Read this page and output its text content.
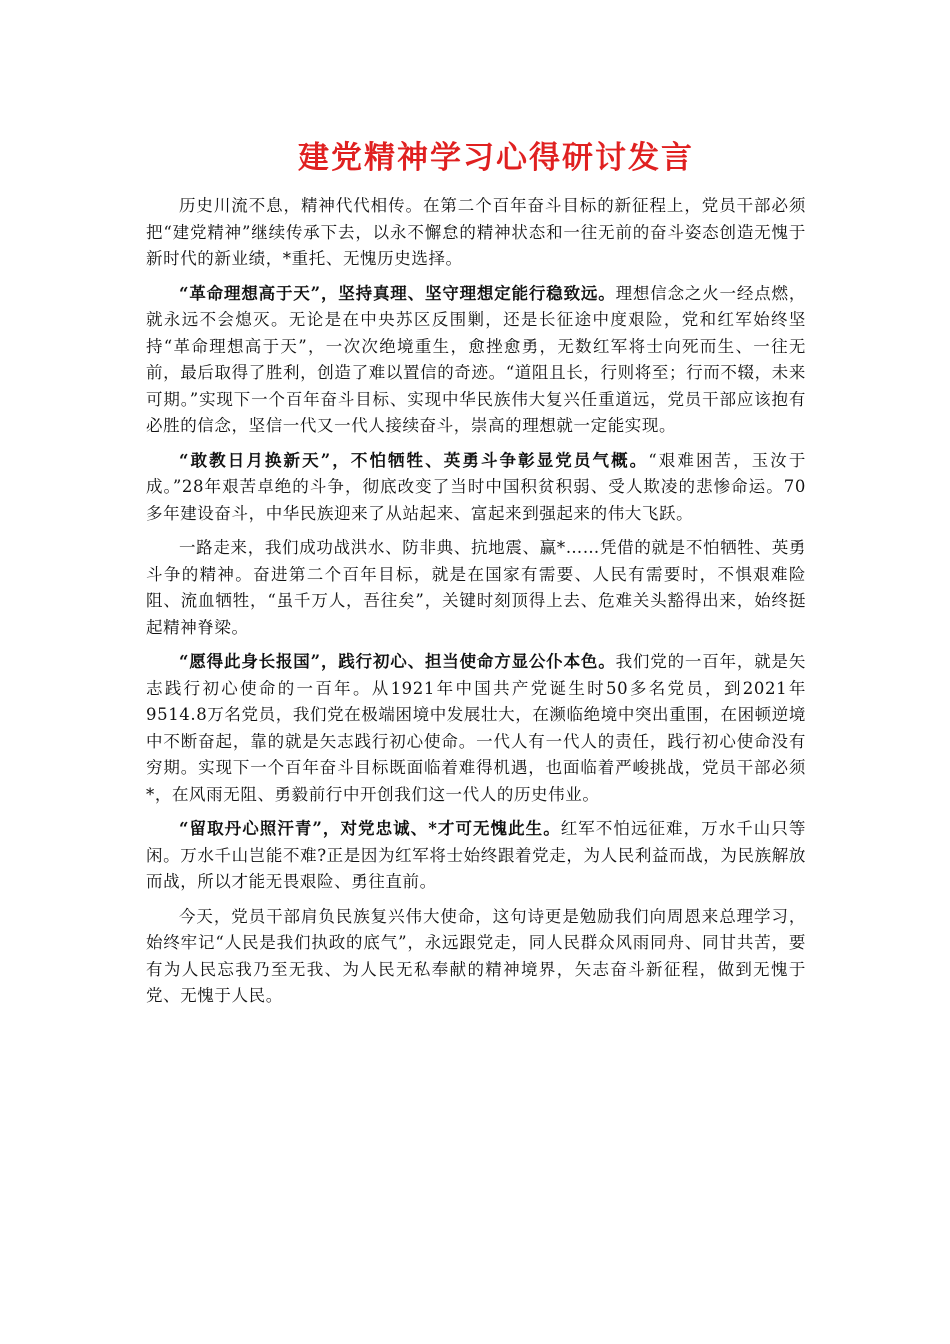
建党精神学习心得研讨发言

历史川流不息，精神代代相传。在第二个百年奋斗目标的新征程上，党员干部必须把“建党精神”继续传承下去，以永不懈怠的精神状态和一往无前的奋斗姿态创造无愧于新时代的新业绩，*重托、无愧历史选择。

“革命理想高于天”，坚持真理、坚守理想定能行稳致远。理想信念之火一经点燃，就永远不会熄灭。无论是在中央苏区反围剿，还是长征途中度艰险，党和红军始终坚持“革命理想高于天”，一次次绝境重生，愈挫愈勇，无数红军将士向死而生、一往无前，最后取得了胜利，创造了难以置信的奇迹。“道阻且长，行则将至；行而不辍，未来可期。”实现下一个百年奋斗目标、实现中华民族伟大复兴任重道远，党员干部应该抱有必胜的信念，坚信一代又一代人接续奋斗，崇高的理想就一定能实现。

“敢教日月换新天”，不怕牺牲、英勇斗争彰显党员气概。“艰难困苦，玉汝于成。”28年艰苦卓绝的斗争，彻底改变了当时中国积贫积弱、受人欺凌的悲惨命运。70多年建设奋斗，中华民族迎来了从站起来、富起来到强起来的伟大飞跃。

一路走来，我们成功战洪水、防非典、抗地震、赢*……凭借的就是不怕牺牲、英勇斗争的精神。奋进第二个百年目标，就是在国家有需要、人民有需要时，不惧艰难险阻、流血牺牲，“虽千万人，吾往矣”，关键时刻顶得上去、危难关头豁得出来，始终挺起精神脊梁。

“愿得此身长报国”，践行初心、担当使命方显公仆本色。我们党的一百年，就是矢志践行初心使命的一百年。从1921年中国共产党诞生时50多名党员，到2021年9514.8万名党员，我们党在极端困境中发展壮大，在濒临绝境中突出重围，在困顿逆境中不断奋起，靠的就是矢志践行初心使命。一代人有一代人的责任，践行初心使命没有穷期。实现下一个百年奋斗目标既面临着难得机遇，也面临着严峻挑战，党员干部必须*，在风雨无阻、勇毅前行中开创我们这一代人的历史伟业。

“留取丹心照汗青”，对党忠诚、*才可无愧此生。红军不怕远征难，万水千山只等闲。万水千山岂能不难?正是因为红军将士始终跟着党走，为人民利益而战，为民族解放而战，所以才能无畏艰险、勇往直前。

今天，党员干部肩负民族复兴伟大使命，这句诗更是勉励我们向周恩来总理学习，始终牢记“人民是我们执政的底气”，永远跟党走，同人民群众风雨同舟、同甘共苦，要有为人民忘我乃至无我、为人民无私奉献的精神境界，矢志奋斗新征程，做到无愧于党、无愧于人民。
